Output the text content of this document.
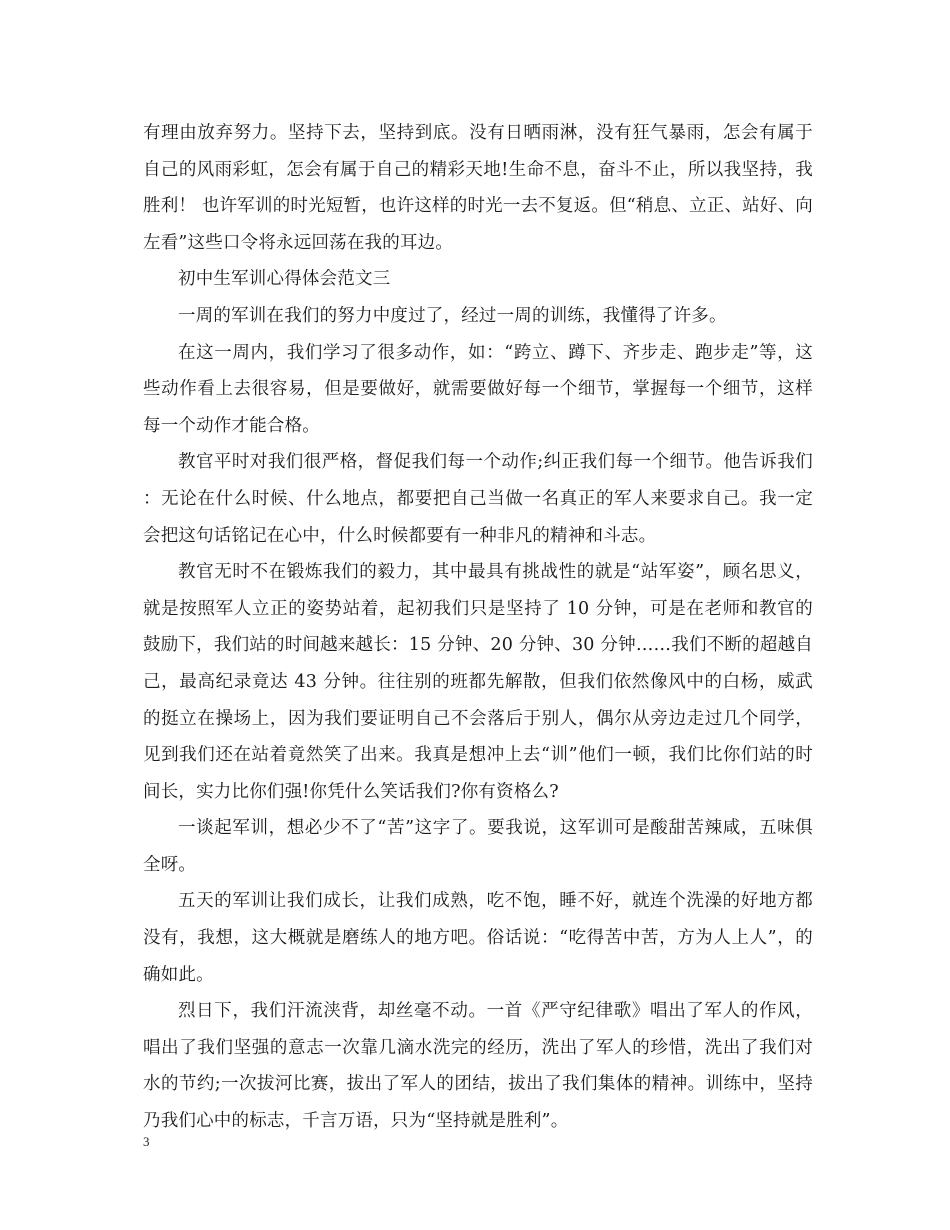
有理由放弃努力。坚持下去，坚持到底。没有日晒雨淋，没有狂气暴雨，怎会有属于自己的风雨彩虹，怎会有属于自己的精彩天地!生命不息，奋斗不止，所以我坚持，我胜利！ 也许军训的时光短暂，也许这样的时光一去不复返。但“稍息、立正、站好、向左看”这些口令将永远回荡在我的耳边。

初中生军训心得体会范文三

一周的军训在我们的努力中度过了，经过一周的训练，我懂得了许多。

在这一周内，我们学习了很多动作，如：“跨立、蹲下、齐步走、跑步走”等，这些动作看上去很容易，但是要做好，就需要做好每一个细节，掌握每一个细节，这样每一个动作才能合格。

教官平时对我们很严格，督促我们每一个动作;纠正我们每一个细节。他告诉我们 ：无论在什么时候、什么地点，都要把自己当做一名真正的军人来要求自己。我一定会把这句话铭记在心中，什么时候都要有一种非凡的精神和斗志。

教官无时不在锻炼我们的毅力，其中最具有挑战性的就是“站军姿”，顾名思义，就是按照军人立正的姿势站着，起初我们只是坚持了 10 分钟，可是在老师和教官的鼓励下，我们站的时间越来越长：15 分钟、20 分钟、30 分钟……我们不断的超越自己，最高纪录竟达 43 分钟。往往别的班都先解散，但我们依然像风中的白杨，威武的挺立在操场上，因为我们要证明自己不会落后于别人，偶尔从旁边走过几个同学，见到我们还在站着竟然笑了出来。我真是想冲上去“训”他们一顿，我们比你们站的时间长，实力比你们强!你凭什么笑话我们?你有资格么?

一谈起军训，想必少不了“苦”这字了。要我说，这军训可是酸甜苦辣咸，五味俱全呀。

五天的军训让我们成长，让我们成熟，吃不饱，睡不好，就连个洗澡的好地方都没有，我想，这大概就是磨练人的地方吧。俗话说：“吃得苦中苦，方为人上人”，的确如此。

烈日下，我们汗流浃背，却丝毫不动。一首《严守纪律歌》唱出了军人的作风，唱出了我们坚强的意志一次靠几滴水洗完的经历，洗出了军人的珍惜，洗出了我们对水的节约;一次拔河比赛，拔出了军人的团结，拔出了我们集体的精神。训练中，坚持乃我们心中的标志，千言万语，只为“坚持就是胜利”。

3
